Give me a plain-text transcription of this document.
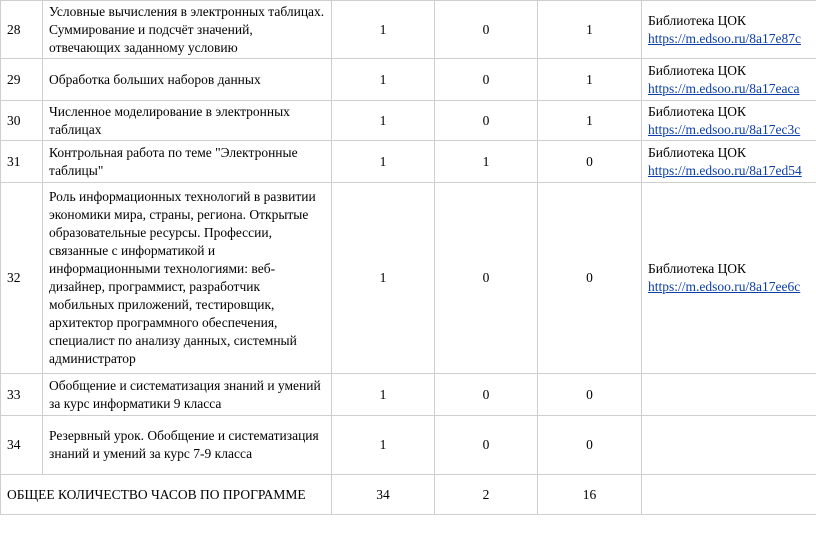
28	Условные вычисления в электронных таблицах. Суммирование и подсчёт значений, отвечающих заданному условию	1	0	1	Библиотека ЦОК
https://m.edsoo.ru/8a17e87c
29	Обработка больших наборов данных	1	0	1	Библиотека ЦОК
https://m.edsoo.ru/8a17eaca
30	Численное моделирование в электронных таблицах	1	0	1	Библиотека ЦОК
https://m.edsoo.ru/8a17ec3c
31	Контрольная работа по теме "Электронные таблицы"	1	1	0	Библиотека ЦОК
https://m.edsoo.ru/8a17ed54
32	Роль информационных технологий в развитии экономики мира, страны, региона. Открытые образовательные ресурсы. Профессии, связанные с информатикой и информационными технологиями: веб-дизайнер, программист, разработчик мобильных приложений, тестировщик, архитектор программного обеспечения, специалист по анализу данных, системный администратор	1	0	0	Библиотека ЦОК
https://m.edsoo.ru/8a17ee6c
33	Обобщение и систематизация знаний и умений за курс информатики 9 класса	1	0	0	
34	Резервный урок. Обобщение и систематизация знаний и умений за курс 7-9 класса	1	0	0	
ОБЩЕЕ КОЛИЧЕСТВО ЧАСОВ ПО ПРОГРАММЕ		34	2	16	
